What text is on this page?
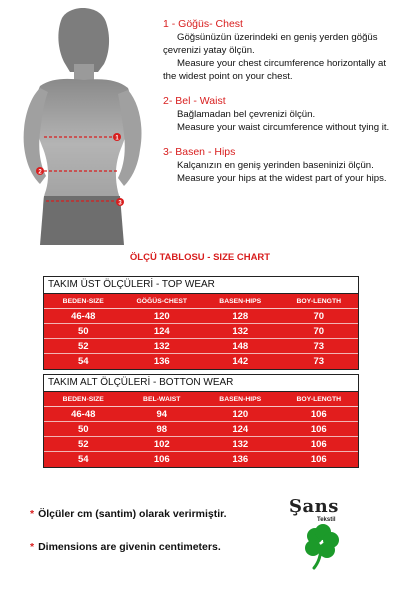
1
2
3
1 - Göğüs- Chest
Göğsünüzün üzerindeki en geniş yerden göğüs çevrenizi yatay ölçün.
Measure your chest circumference horizontally at the widest point on your chest.
2- Bel - Waist
Bağlamadan bel çevrenizi ölçün.
Measure your waist circumference without tying it.
3- Basen - Hips
Kalçanızın en geniş yerinden baseninizi ölçün.
Measure your hips at the widest part of your hips.
ÖLÇÜ TABLOSU - SIZE CHART
TAKIM ÜST ÖLÇÜLERİ - TOP WEAR
BEDEN-SIZE	GÖĞÜS-CHEST	BASEN-HIPS	BOY-LENGTH
46-48	120	128	70
50	124	132	70
52	132	148	73
54	136	142	73
TAKIM ALT ÖLÇÜLERİ - BOTTON WEAR
BEDEN-SIZE	BEL-WAIST	BASEN-HIPS	BOY-LENGTH
46-48	94	120	106
50	98	124	106
52	102	132	106
54	106	136	106
* Ölçüler cm (santim) olarak verirmiştir.
* Dimensions are givenin centimeters.
Şans
Tekstil
